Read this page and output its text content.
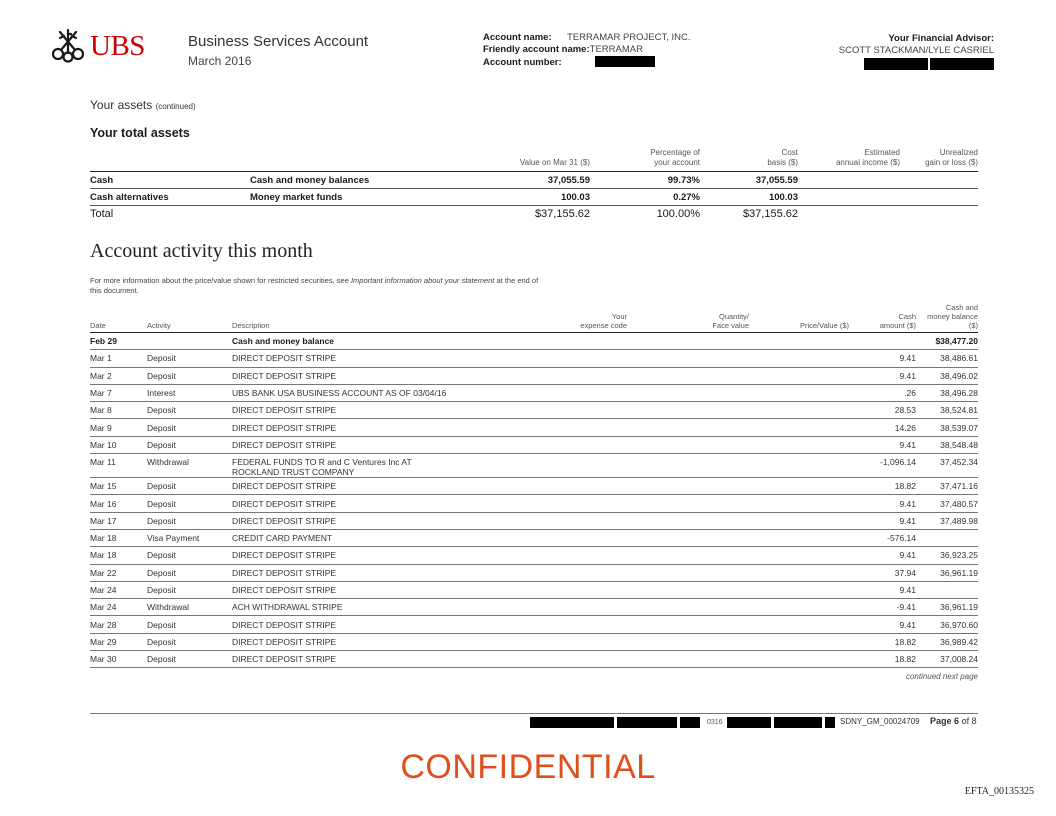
UBS	Business Services Account
March 2016
Account name: TERRAMAR PROJECT, INC.
Friendly account name:TERRAMAR
Account number:
Your Financial Advisor:
SCOTT STACKMAN/LYLE CASRIEL
Your assets (continued)
Your total assets
		Value on Mar 31 ($)	Percentage of
your account	Cost
basis ($)	Estimated
annual income ($)	Unrealized
gain or loss ($)
Cash	Cash and money balances	37,055.59	99.73%	37,055.59		
Cash alternatives	Money market funds	100.03	0.27%	100.03		
Total		$37,155.62	100.00%	$37,155.62		
Account activity this month
For more information about the price/value shown for restricted securities, see Important information about your statement at the end of this document.
Date	Activity	Description	Your
expense code	Quantity/
Face value	Price/Value ($)	Cash
amount ($)	Cash and
money balance ($)
Feb 29		Cash and money balance					$38,477.20
Mar 1	Deposit	DIRECT DEPOSIT STRIPE				9.41	38,486.61
Mar 2	Deposit	DIRECT DEPOSIT STRIPE				9.41	38,496.02
Mar 7	Interest	UBS BANK USA BUSINESS ACCOUNT AS OF 03/04/16				.26	38,496.28
Mar 8	Deposit	DIRECT DEPOSIT STRIPE				28.53	38,524.81
Mar 9	Deposit	DIRECT DEPOSIT STRIPE				14.26	38,539.07
Mar 10	Deposit	DIRECT DEPOSIT STRIPE				9.41	38,548.48
Mar 11	Withdrawal	FEDERAL FUNDS TO R and C Ventures Inc AT
ROCKLAND TRUST COMPANY				-1,096.14	37,452.34
Mar 15	Deposit	DIRECT DEPOSIT STRIPE				18.82	37,471.16
Mar 16	Deposit	DIRECT DEPOSIT STRIPE				9.41	37,480.57
Mar 17	Deposit	DIRECT DEPOSIT STRIPE				9.41	37,489.98
Mar 18	Visa Payment	CREDIT CARD PAYMENT				-576.14	
Mar 18	Deposit	DIRECT DEPOSIT STRIPE				9.41	36,923.25
Mar 22	Deposit	DIRECT DEPOSIT STRIPE				37.94	36,961.19
Mar 24	Deposit	DIRECT DEPOSIT STRIPE				9.41	
Mar 24	Withdrawal	ACH WITHDRAWAL STRIPE				-9.41	36,961.19
Mar 28	Deposit	DIRECT DEPOSIT STRIPE				9.41	36,970.60
Mar 29	Deposit	DIRECT DEPOSIT STRIPE				18.82	36,989.42
Mar 30	Deposit	DIRECT DEPOSIT STRIPE				18.82	37,008.24
continued next page
0316	SDNY_GM_00024709 Page 6 of 8
CONFIDENTIAL
EFTA_00135325
